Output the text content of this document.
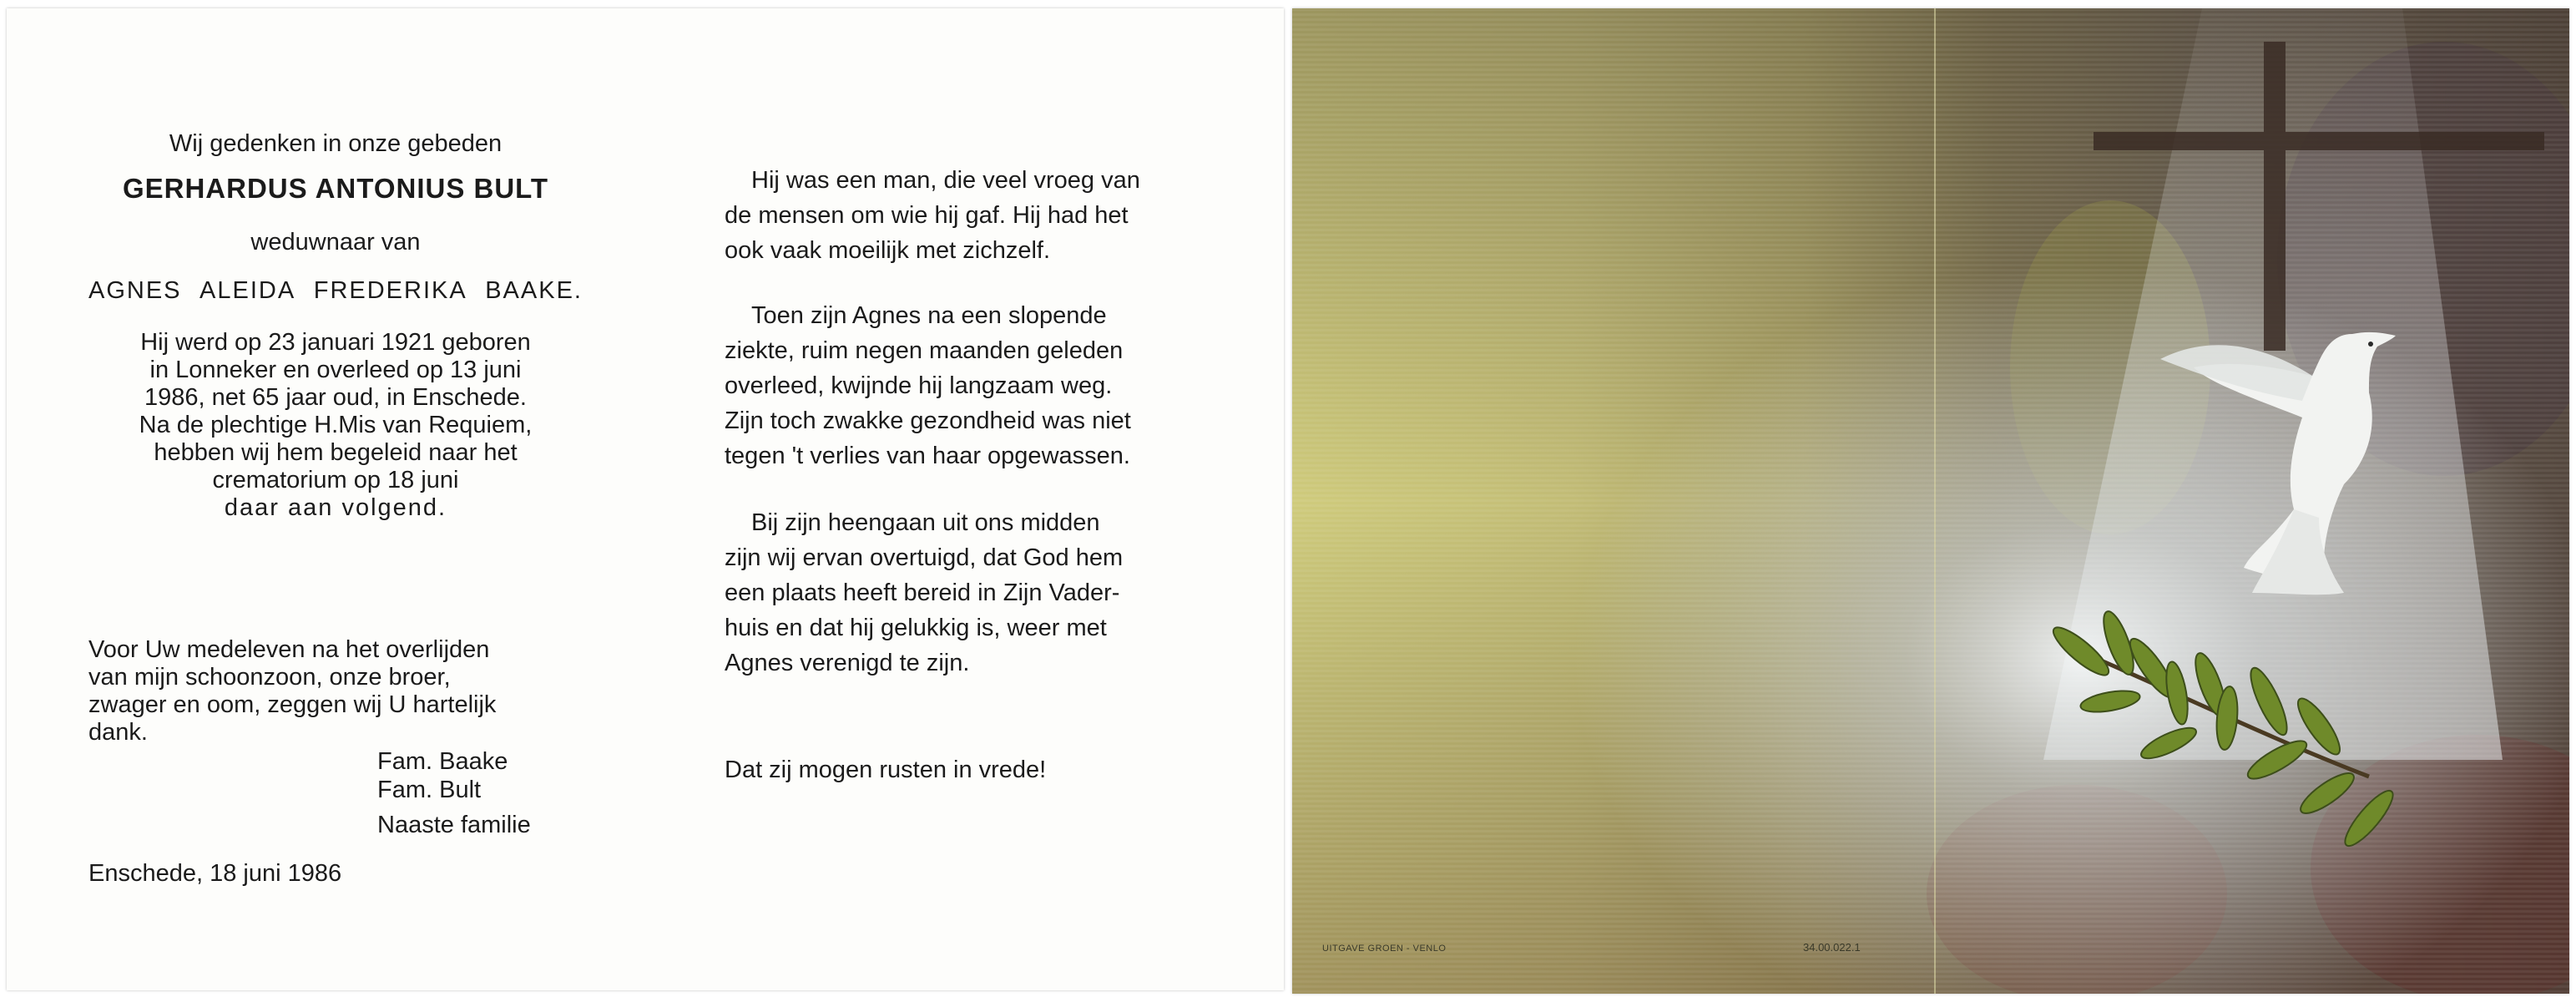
Wij gedenken in onze gebeden
GERHARDUS ANTONIUS BULT
weduwnaar van
AGNES ALEIDA FREDERIKA BAAKE.
Hij werd op 23 januari 1921 geboren
in Lonneker en overleed op 13 juni
1986, net 65 jaar oud, in Enschede.
Na de plechtige H.Mis van Requiem,
hebben wij hem begeleid naar het
crematorium op 18 juni
daar aan volgend.
Voor Uw medeleven na het overlijden
van mijn schoonzoon, onze broer,
zwager en oom, zeggen wij U hartelijk
dank.
Fam. Baake
Fam. Bult
Naaste familie
Enschede, 18 juni 1986
Hij was een man, die veel vroeg van
de mensen om wie hij gaf. Hij had het
ook vaak moeilijk met zichzelf.
Toen zijn Agnes na een slopende
ziekte, ruim negen maanden geleden
overleed, kwijnde hij langzaam weg.
Zijn toch zwakke gezondheid was niet
tegen 't verlies van haar opgewassen.
Bij zijn heengaan uit ons midden
zijn wij ervan overtuigd, dat God hem
een plaats heeft bereid in Zijn Vader-
huis en dat hij gelukkig is, weer met
Agnes verenigd te zijn.
Dat zij mogen rusten in vrede!
UITGAVE GROEN - VENLO	34.00.022.1
